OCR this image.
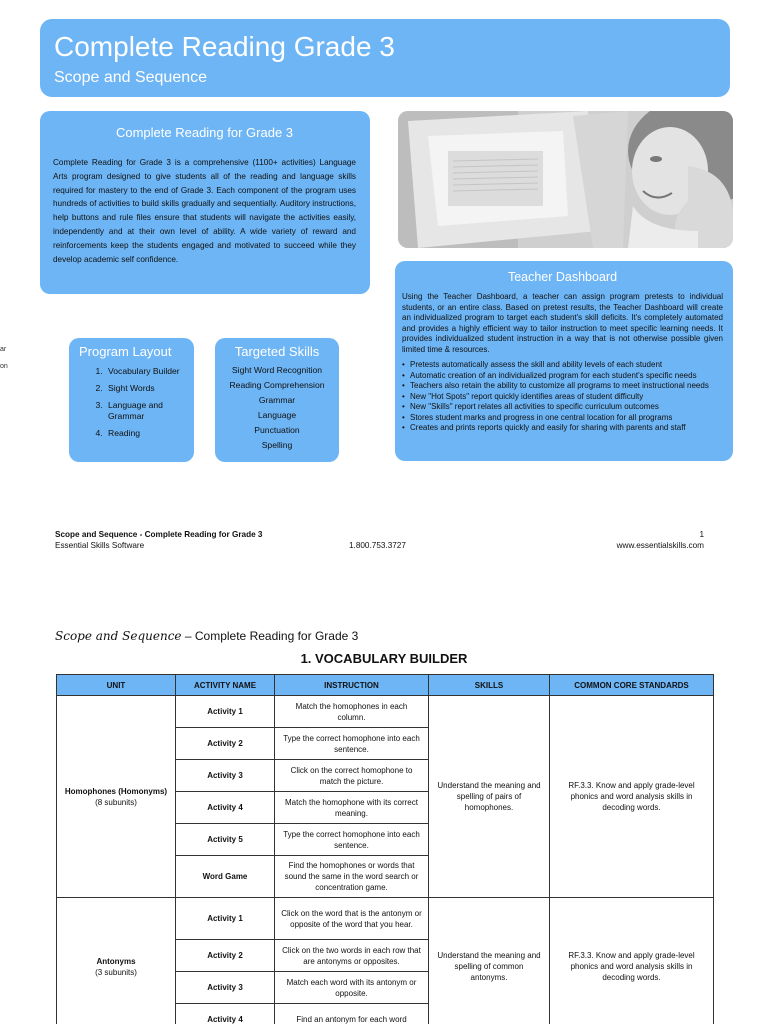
Complete Reading Grade 3
Scope and Sequence
Complete Reading for Grade 3

Complete Reading for Grade 3 is a comprehensive (1100+ activities) Language Arts program designed to give students all of the reading and language skills required for mastery to the end of Grade 3. Each component of the program uses hundreds of activities to build skills gradually and sequentially. Auditory instructions, help buttons and rule files ensure that students will navigate the activities easily, independently and at their own level of ability. A wide variety of reward and reinforcements keep the students engaged and motivated to succeed while they develop academic self confidence.

Teacher Dashboard

Using the Teacher Dashboard, a teacher can assign program pretests to individual students, or an entire class. Based on pretest results, the Teacher Dashboard will create an individualized program to target each student's skill deficits. It's completely automated and provides a highly efficient way to tailor instruction to meet specific learning needs. It provides individualized student instruction in a way that is not otherwise possible given limited time & resources.

• Pretests automatically assess the skill and ability levels of each student
• Automatic creation of an individualized program for each student's specific needs
• Teachers also retain the ability to customize all programs to meet instructional needs
• New "Hot Spots" report quickly identifies areas of student difficulty
• New "Skills" report relates all activities to specific curriculum outcomes
• Stores student marks and progress in one central location for all programs
• Creates and prints reports quickly and easily for sharing with parents and staff
ar
on
Program Layout
1. Vocabulary Builder
2. Sight Words
3. Language and Grammar
4. Reading
Targeted Skills
Sight Word Recognition
Reading Comprehension
Grammar
Language
Punctuation
Spelling
Scope and Sequence - Complete Reading for Grade 3
Essential Skills Software	1.800.753.3727
1
www.essentialskills.com
Scope and Sequence – Complete Reading for Grade 3
1. VOCABULARY BUILDER
UNIT	ACTIVITY NAME	INSTRUCTION	SKILLS	COMMON CORE STANDARDS

Homophones (Homonyms)
(8 subunits)	Activity 1	Match the homophones in each column.	Understand the meaning and spelling of pairs of homophones.	RF.3.3. Know and apply grade-level phonics and word analysis skills in decoding words.
	Activity 2	Type the correct homophone into each sentence.		
	Activity 3	Click on the correct homophone to match the picture.		
	Activity 4	Match the homophone with its correct meaning.		
	Activity 5	Type the correct homophone into each sentence.		
	Word Game	Find the homophones or words that sound the same in the word search or concentration game.		

Antonyms
(3 subunits)	Activity 1	Click on the word that is the antonym or opposite of the word that you hear.	Understand the meaning and spelling of common antonyms.	RF.3.3. Know and apply grade-level phonics and word analysis skills in decoding words.
	Activity 2	Click on the two words in each row that are antonyms or opposites.		
	Activity 3	Match each word with its antonym or opposite.		
	Activity 4	Find an antonym for each word		
